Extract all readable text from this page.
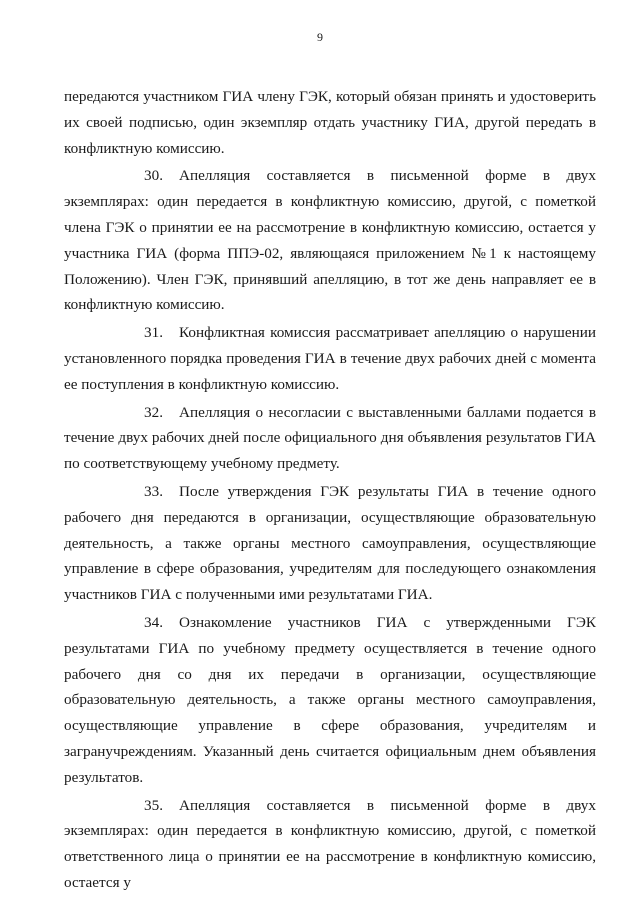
9

передаются участником ГИА члену ГЭК, который обязан принять и удостоверить их своей подписью, один экземпляр отдать участнику ГИА, другой передать в конфликтную комиссию.

30. Апелляция составляется в письменной форме в двух экземплярах: один передается в конфликтную комиссию, другой, с пометкой члена ГЭК о принятии ее на рассмотрение в конфликтную комиссию, остается у участника ГИА (форма ППЭ-02, являющаяся приложением №1 к настоящему Положению). Член ГЭК, принявший апелляцию, в тот же день направляет ее в конфликтную комиссию.

31. Конфликтная комиссия рассматривает апелляцию о нарушении установленного порядка проведения ГИА в течение двух рабочих дней с момента ее поступления в конфликтную комиссию.

32. Апелляция о несогласии с выставленными баллами подается в течение двух рабочих дней после официального дня объявления результатов ГИА по соответствующему учебному предмету.

33. После утверждения ГЭК результаты ГИА в течение одного рабочего дня передаются в организации, осуществляющие образовательную деятельность, а также органы местного самоуправления, осуществляющие управление в сфере образования, учредителям для последующего ознакомления участников ГИА с полученными ими результатами ГИА.

34. Ознакомление участников ГИА с утвержденными ГЭК результатами ГИА по учебному предмету осуществляется в течение одного рабочего дня со дня их передачи в организации, осуществляющие образовательную деятельность, а также органы местного самоуправления, осуществляющие управление в сфере образования, учредителям и загранучреждениям. Указанный день считается официальным днем объявления результатов.

35. Апелляция составляется в письменной форме в двух экземплярах: один передается в конфликтную комиссию, другой, с пометкой ответственного лица о принятии ее на рассмотрение в конфликтную комиссию, остается у
